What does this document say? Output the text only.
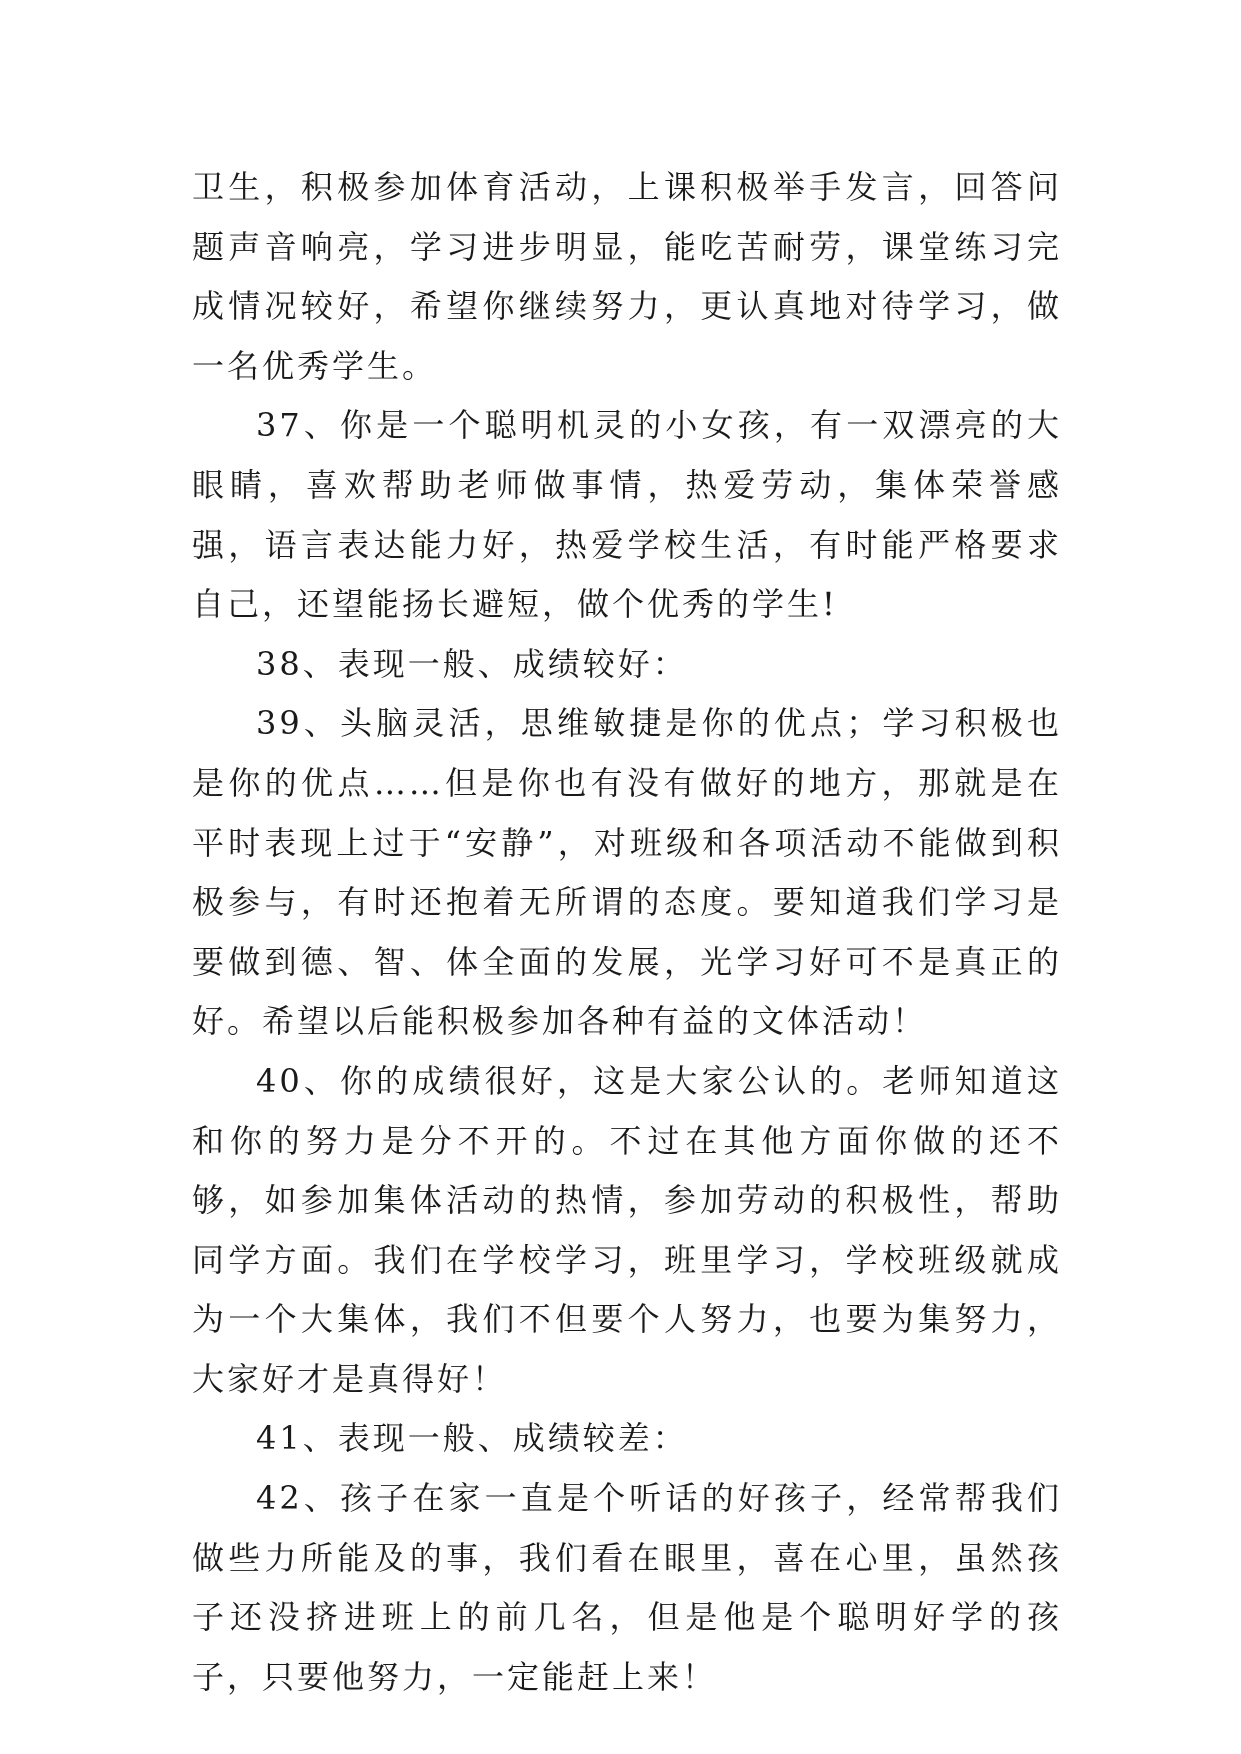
卫生，积极参加体育活动，上课积极举手发言，回答问题声音响亮，学习进步明显，能吃苦耐劳，课堂练习完成情况较好，希望你继续努力，更认真地对待学习，做一名优秀学生。

37、你是一个聪明机灵的小女孩，有一双漂亮的大眼睛，喜欢帮助老师做事情，热爱劳动，集体荣誉感强，语言表达能力好，热爱学校生活，有时能严格要求自己，还望能扬长避短，做个优秀的学生!

38、表现一般、成绩较好：

39、头脑灵活，思维敏捷是你的优点；学习积极也是你的优点……但是你也有没有做好的地方，那就是在平时表现上过于“安静”，对班级和各项活动不能做到积极参与，有时还抱着无所谓的态度。要知道我们学习是要做到德、智、体全面的发展，光学习好可不是真正的好。希望以后能积极参加各种有益的文体活动！

40、你的成绩很好，这是大家公认的。老师知道这和你的努力是分不开的。不过在其他方面你做的还不够，如参加集体活动的热情，参加劳动的积极性，帮助同学方面。我们在学校学习，班里学习，学校班级就成为一个大集体，我们不但要个人努力，也要为集努力，大家好才是真得好！

41、表现一般、成绩较差：

42、孩子在家一直是个听话的好孩子，经常帮我们做些力所能及的事，我们看在眼里，喜在心里，虽然孩子还没挤进班上的前几名，但是他是个聪明好学的孩子，只要他努力，一定能赶上来！
